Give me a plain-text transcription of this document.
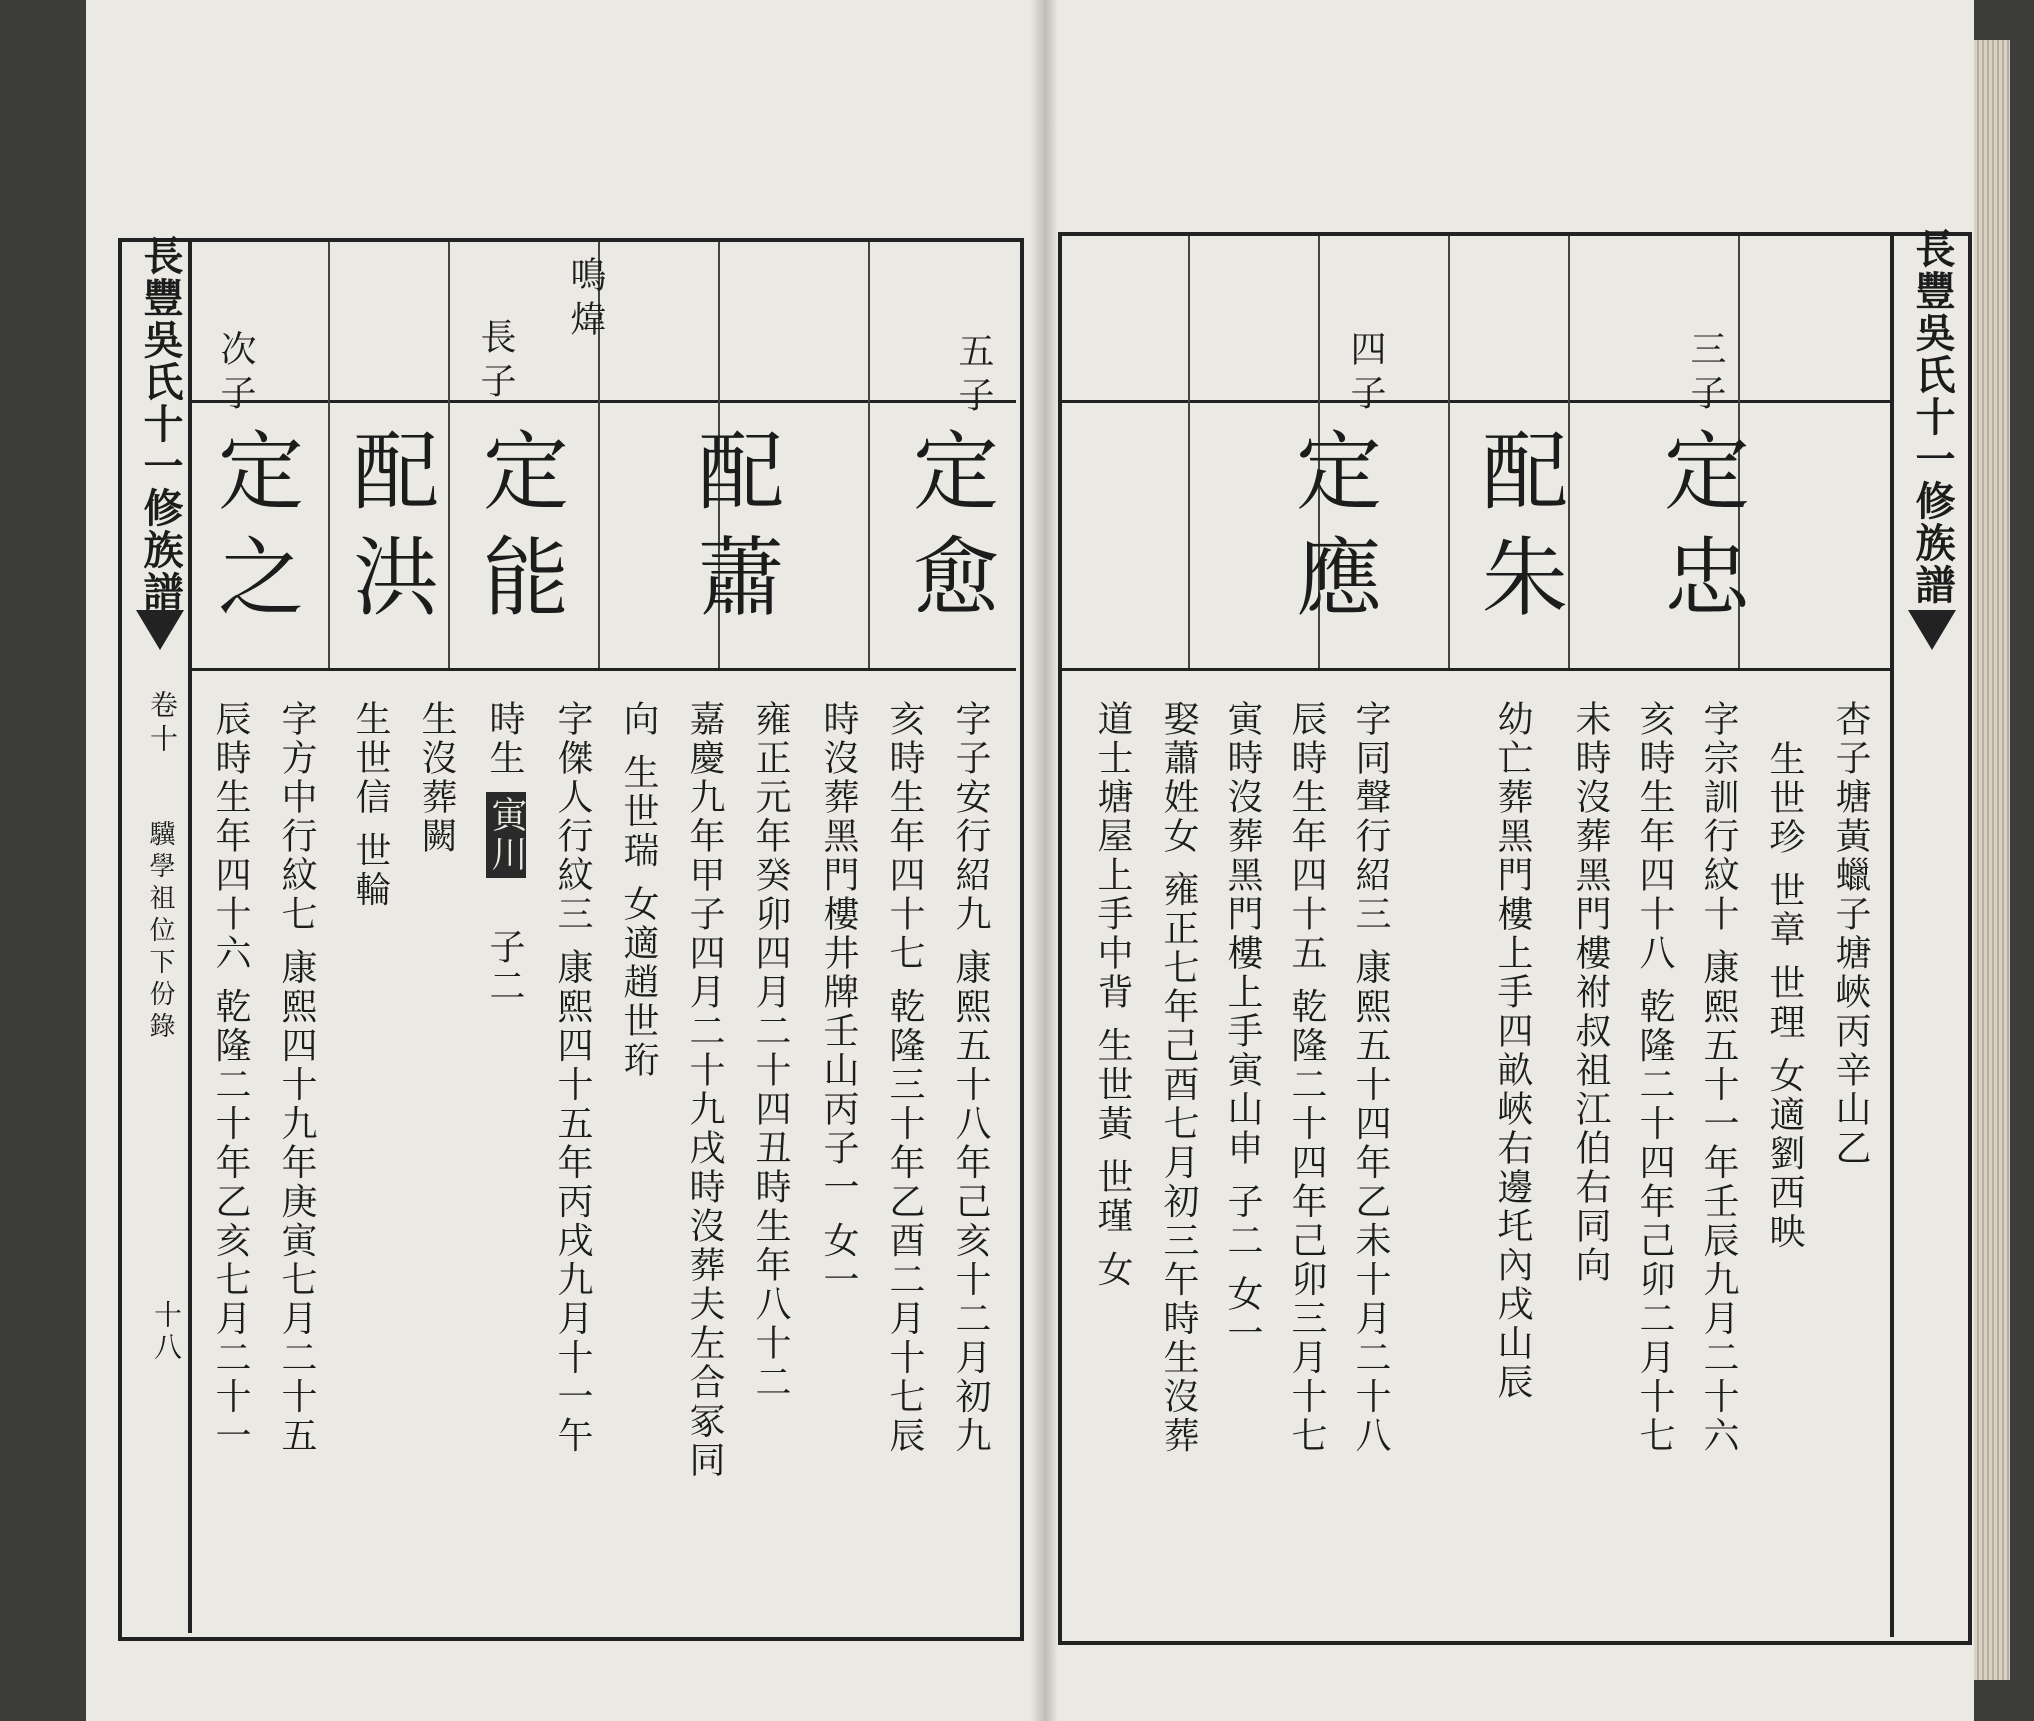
長豐吳氏十一修族譜
卷十
驥學祖位下份錄
十八
五子
鳴煒
長子
次子
定愈
配蕭
定能
配洪
定之
字子安行紹九 康熙五十八年己亥十二月初九
亥時生年四十七 乾隆三十年乙酉二月十七辰
時沒葬黑門樓井牌壬山丙子一 女一
雍正元年癸卯四月二十四丑時生年八十二
嘉慶九年甲子四月二十九戌時沒葬夫左合冢同
向 生世瑞 女適趙世珩
字傑人行紋三 康熙四十五年丙戌九月十一午
時生
寅川
子二
生沒葬闕
生世信 世輪
字方中行紋七 康熙四十九年庚寅七月二十五
辰時生年四十六 乾隆二十年乙亥七月二十一
長豐吳氏十一修族譜
三子
四子
定忠
配朱
定應
杏子塘黃蠟子塘峽丙辛山乙
生世珍 世章 世理 女適劉西映
字宗訓行紋十 康熙五十一年壬辰九月二十六
亥時生年四十八 乾隆二十四年己卯二月十七
未時沒葬黑門樓祔叔祖江伯右同向
幼亡葬黑門樓上手四畝峽右邊圫內戌山辰
字同聲行紹三 康熙五十四年乙未十月二十八
辰時生年四十五 乾隆二十四年己卯三月十七
寅時沒葬黑門樓上手寅山申 子二 女一
娶蕭姓女 雍正七年己酉七月初三午時生沒葬
道士塘屋上手中背 生世黃 世瑾 女
